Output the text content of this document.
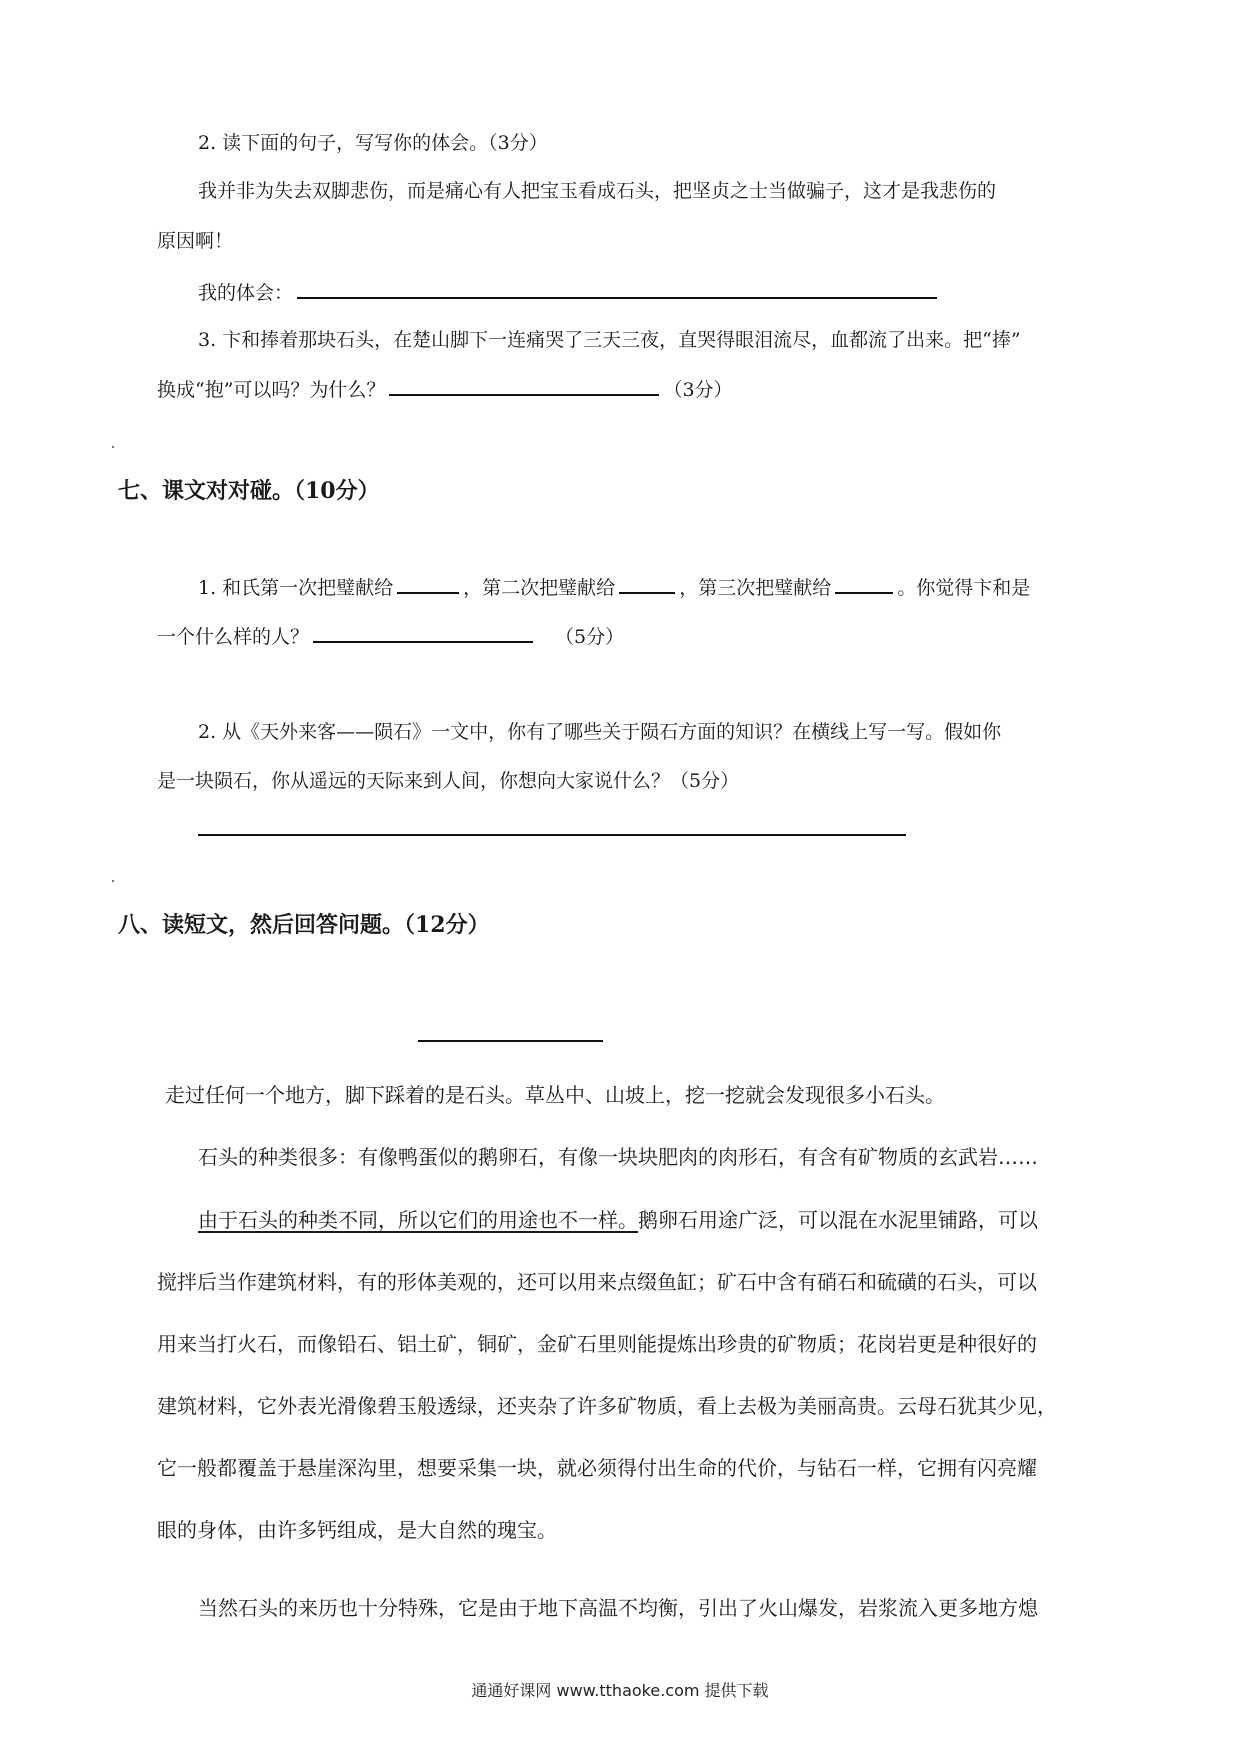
2. 读下面的句子，写写你的体会。（3分）
我并非为失去双脚悲伤，而是痛心有人把宝玉看成石头，把坚贞之士当做骗子，这才是我悲伤的
原因啊！
我的体会：
3. 卞和捧着那块石头，在楚山脚下一连痛哭了三天三夜，直哭得眼泪流尽，血都流了出来。把“捧”
换成“抱”可以吗？为什么？	（3分）
七、课文对对碰。（10分）
1. 和氏第一次把璧献给	，第二次把璧献给	，第三次把璧献给	。你觉得卞和是
一个什么样的人？	（5分）
2. 从《天外来客——陨石》一文中，你有了哪些关于陨石方面的知识？在横线上写一写。假如你
是一块陨石，你从遥远的天际来到人间，你想向大家说什么？（5分）
八、读短文，然后回答问题。（12分）
走过任何一个地方，脚下踩着的是石头。草丛中、山坡上，挖一挖就会发现很多小石头。
石头的种类很多：有像鸭蛋似的鹅卵石，有像一块块肥肉的肉形石，有含有矿物质的玄武岩……
由于石头的种类不同，所以它们的用途也不一样。鹅卵石用途广泛，可以混在水泥里铺路，可以
搅拌后当作建筑材料，有的形体美观的，还可以用来点缀鱼缸；矿石中含有硝石和硫磺的石头，可以
用来当打火石，而像铅石、铝土矿，铜矿，金矿石里则能提炼出珍贵的矿物质；花岗岩更是种很好的
建筑材料，它外表光滑像碧玉般透绿，还夹杂了许多矿物质，看上去极为美丽高贵。云母石犹其少见，
它一般都覆盖于悬崖深沟里，想要采集一块，就必须得付出生命的代价，与钻石一样，它拥有闪亮耀
眼的身体，由许多钙组成，是大自然的瑰宝。
当然石头的来历也十分特殊，它是由于地下高温不均衡，引出了火山爆发，岩浆流入更多地方熄
通通好课网 www.tthaoke.com 提供下载
